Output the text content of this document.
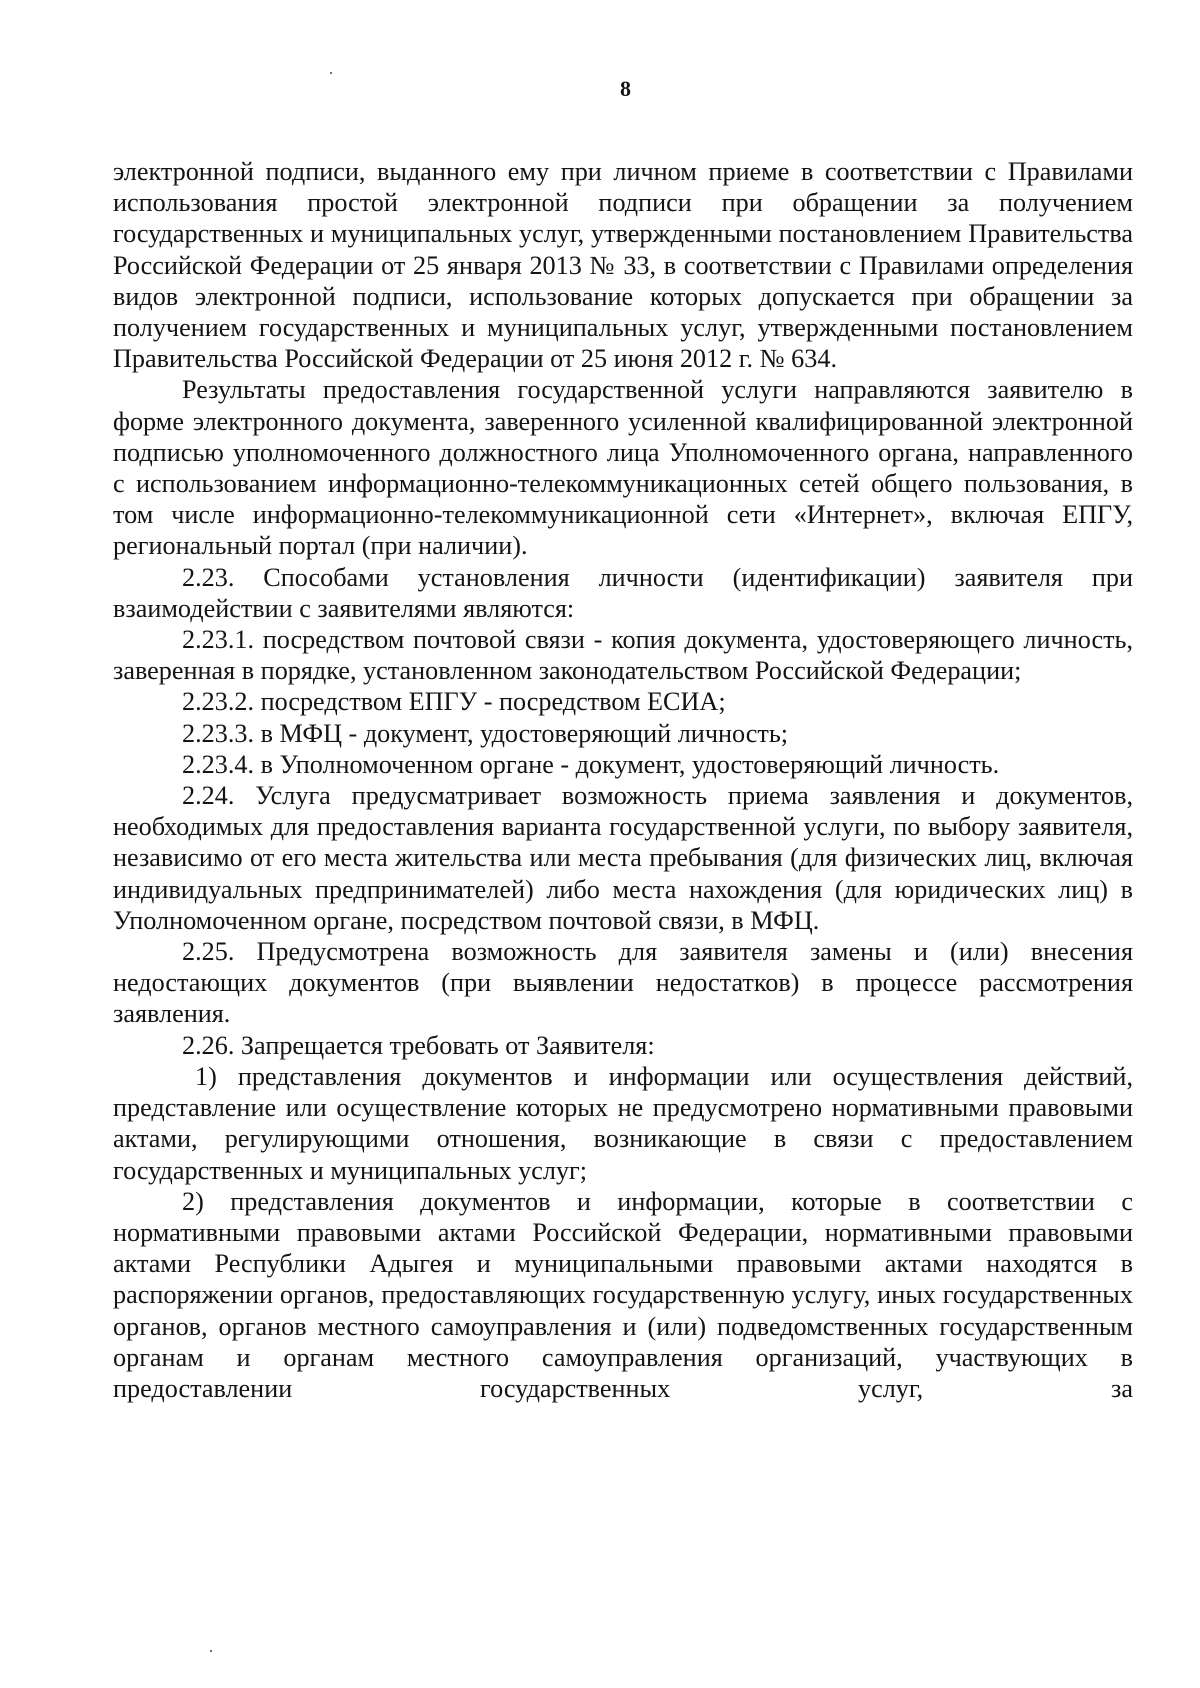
8

электронной подписи, выданного ему при личном приеме в соответствии с Правилами использования простой электронной подписи при обращении за получением государственных и муниципальных услуг, утвержденными постановлением Правительства Российской Федерации от 25 января 2013 № 33, в соответствии с Правилами определения видов электронной подписи, использование которых допускается при обращении за получением государственных и муниципальных услуг, утвержденными постановлением Правительства Российской Федерации от 25 июня 2012 г. № 634.

Результаты предоставления государственной услуги направляются заявителю в форме электронного документа, заверенного усиленной квалифицированной электронной подписью уполномоченного должностного лица Уполномоченного органа, направленного с использованием информационно-телекоммуникационных сетей общего пользования, в том числе информационно-телекоммуникационной сети «Интернет», включая ЕПГУ, региональный портал (при наличии).

2.23. Способами установления личности (идентификации) заявителя при взаимодействии с заявителями являются:

2.23.1. посредством почтовой связи - копия документа, удостоверяющего личность, заверенная в порядке, установленном законодательством Российской Федерации;

2.23.2. посредством ЕПГУ - посредством ЕСИА;

2.23.3. в МФЦ - документ, удостоверяющий личность;

2.23.4. в Уполномоченном органе - документ, удостоверяющий личность.

2.24. Услуга предусматривает возможность приема заявления и документов, необходимых для предоставления варианта государственной услуги, по выбору заявителя, независимо от его места жительства или места пребывания (для физических лиц, включая индивидуальных предпринимателей) либо места нахождения (для юридических лиц) в Уполномоченном органе, посредством почтовой связи, в МФЦ.

2.25. Предусмотрена возможность для заявителя замены и (или) внесения недостающих документов (при выявлении недостатков) в процессе рассмотрения заявления.

2.26. Запрещается требовать от Заявителя:

1) представления документов и информации или осуществления действий, представление или осуществление которых не предусмотрено нормативными правовыми актами, регулирующими отношения, возникающие в связи с предоставлением государственных и муниципальных услуг;

2) представления документов и информации, которые в соответствии с нормативными правовыми актами Российской Федерации, нормативными правовыми актами Республики Адыгея и муниципальными правовыми актами находятся в распоряжении органов, предоставляющих государственную услугу, иных государственных органов, органов местного самоуправления и (или) подведомственных государственным органам и органам местного самоуправления организаций, участвующих в предоставлении государственных услуг, за
